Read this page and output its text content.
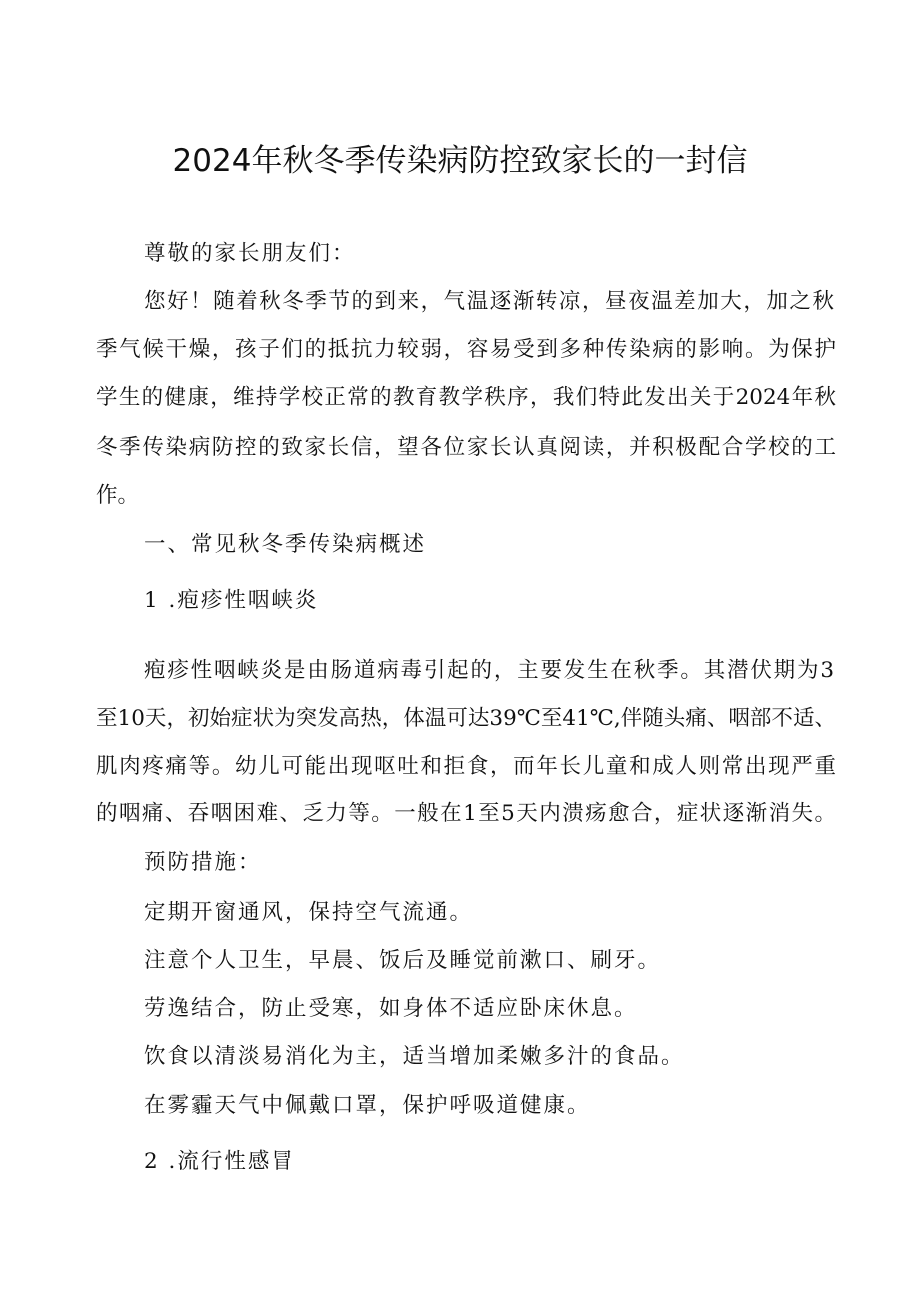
2024年秋冬季传染病防控致家长的一封信

尊敬的家长朋友们：

您好！随着秋冬季节的到来，气温逐渐转凉，昼夜温差加大，加之秋

季气候干燥，孩子们的抵抗力较弱，容易受到多种传染病的影响。为保护

学生的健康，维持学校正常的教育教学秩序，我们特此发出关于2024年秋

冬季传染病防控的致家长信，望各位家长认真阅读，并积极配合学校的工

作。

一、常见秋冬季传染病概述

1 .疱疹性咽峡炎

疱疹性咽峡炎是由肠道病毒引起的，主要发生在秋季。其潜伏期为3

至10天，初始症状为突发高热，体温可达39℃至41℃,伴随头痛、咽部不适、

肌肉疼痛等。幼儿可能出现呕吐和拒食，而年长儿童和成人则常出现严重

的咽痛、吞咽困难、乏力等。一般在1至5天内溃疡愈合，症状逐渐消失。

预防措施：

定期开窗通风，保持空气流通。

注意个人卫生，早晨、饭后及睡觉前漱口、刷牙。

劳逸结合，防止受寒，如身体不适应卧床休息。

饮食以清淡易消化为主，适当增加柔嫩多汁的食品。

在雾霾天气中佩戴口罩，保护呼吸道健康。

2 .流行性感冒
